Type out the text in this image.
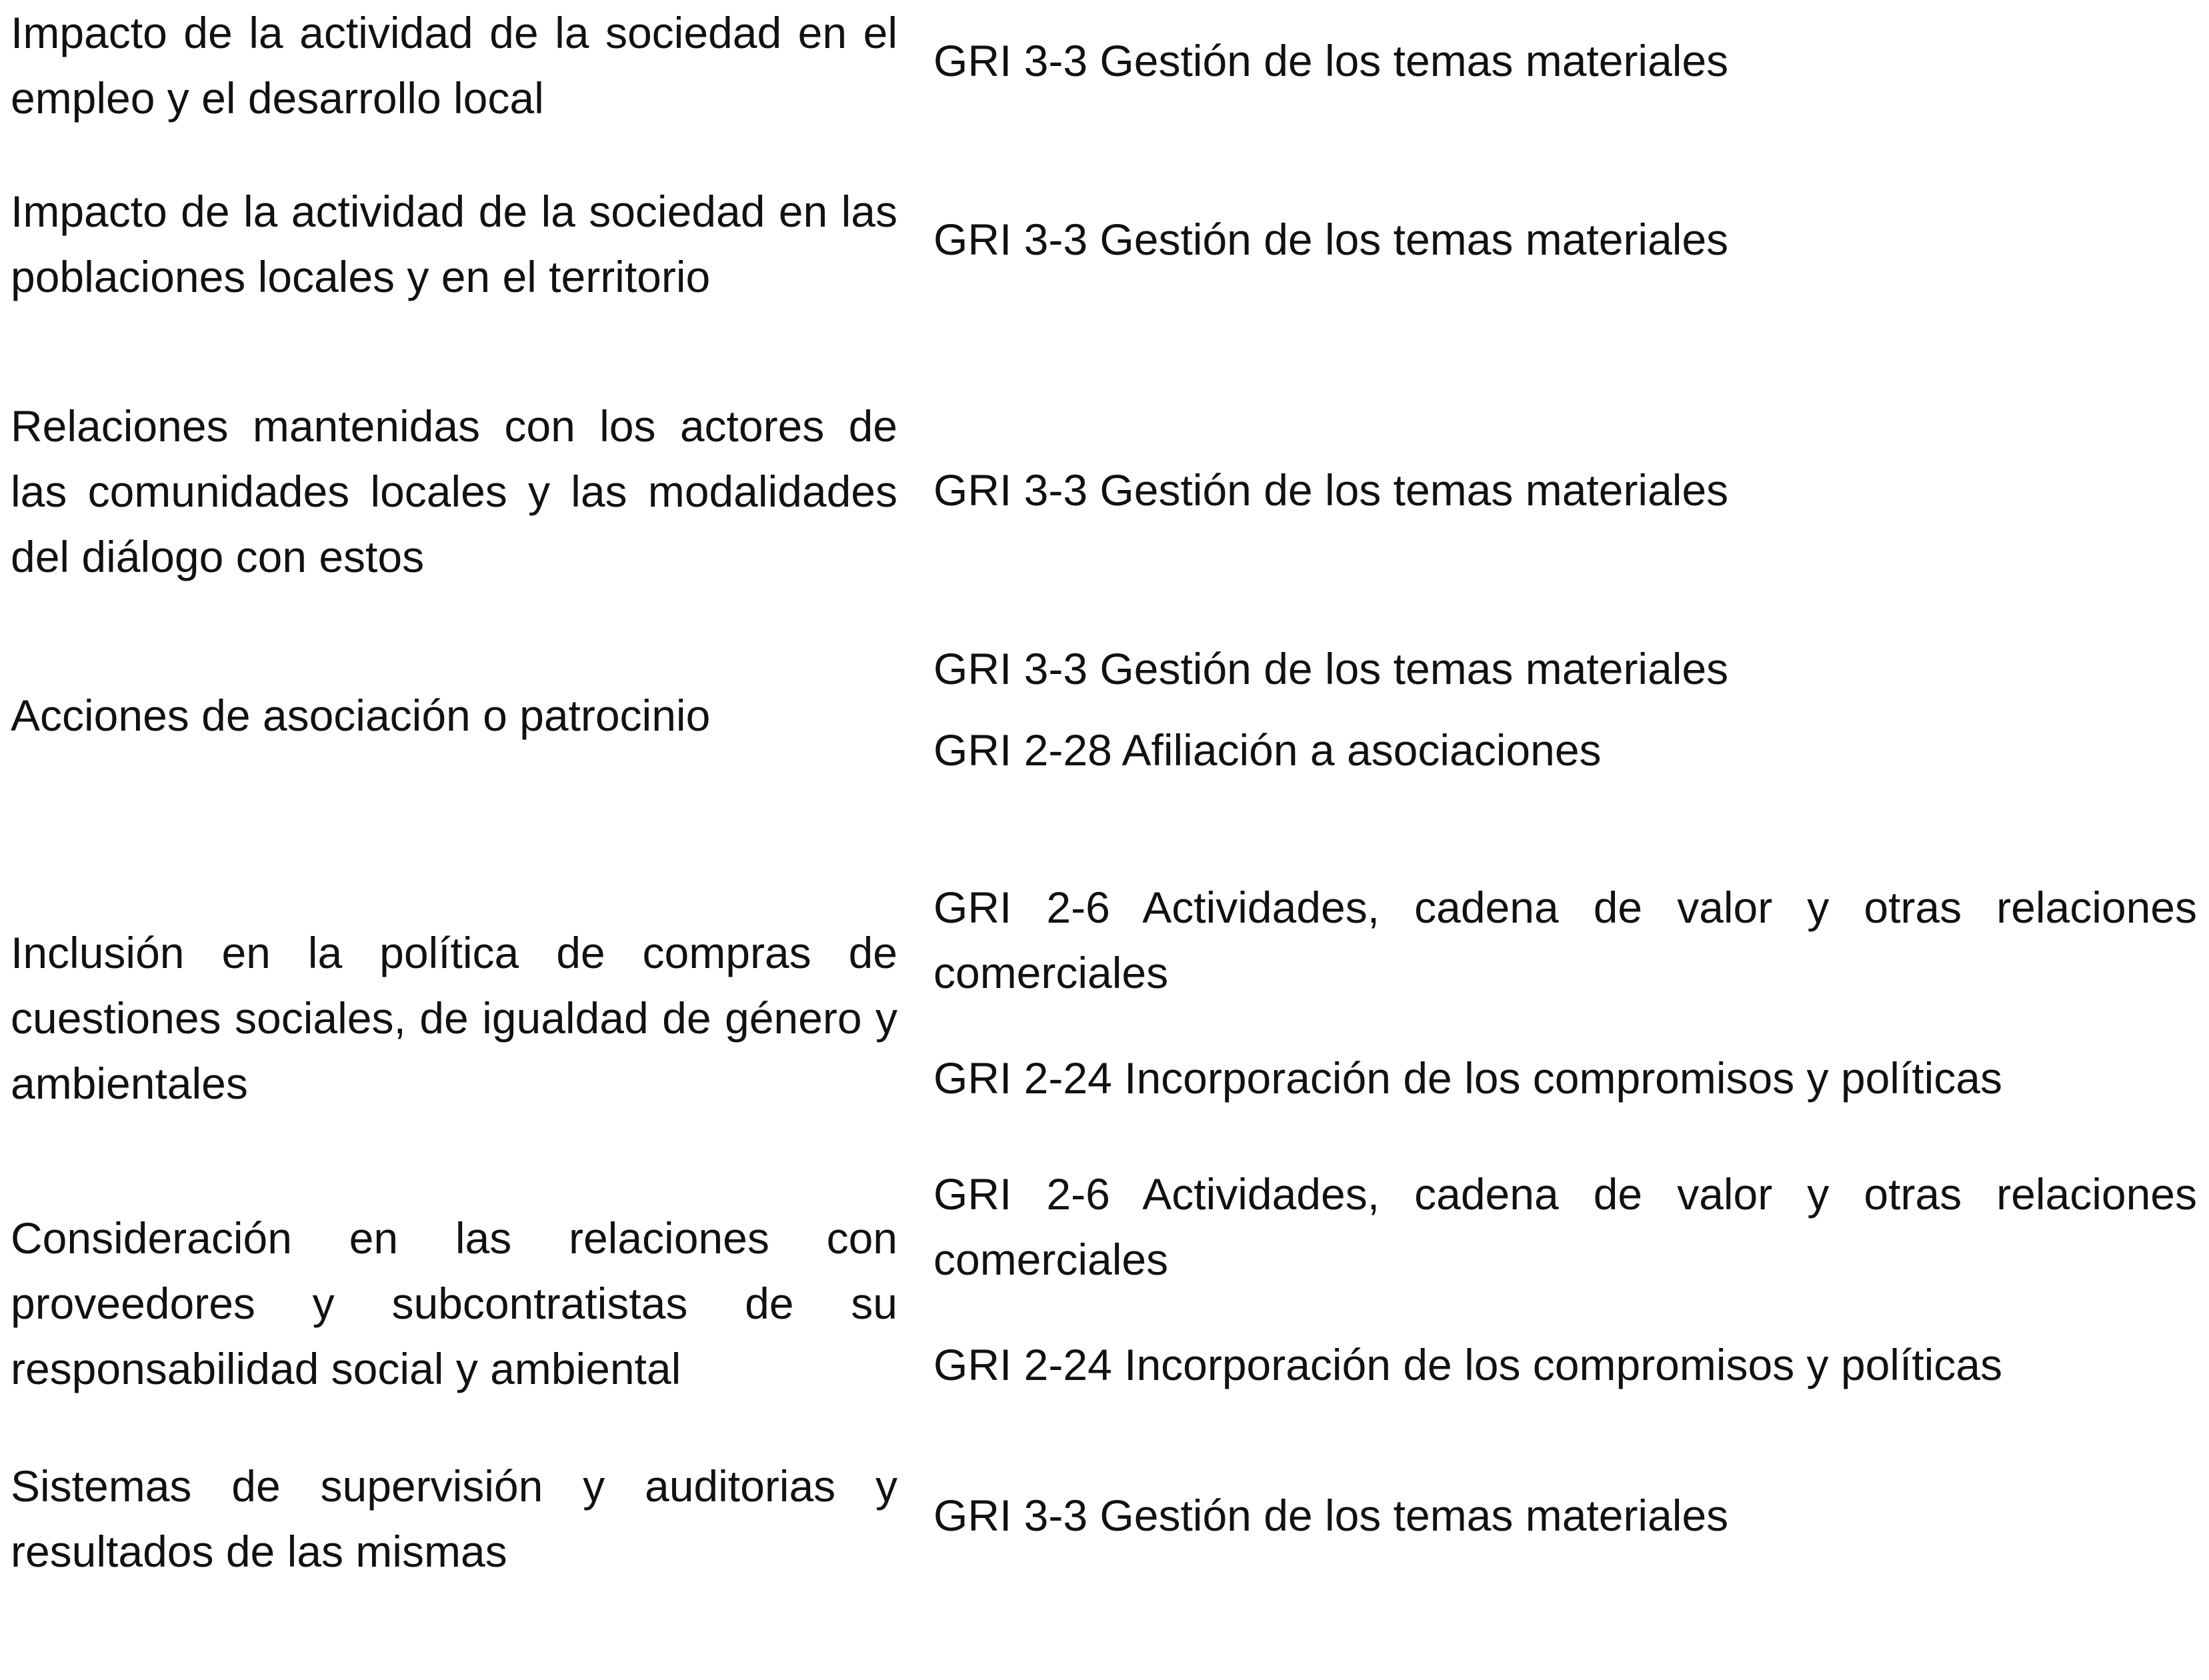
Impacto de la actividad de la sociedad en el empleo y el desarrollo local
GRI 3-3 Gestión de los temas materiales
Impacto de la actividad de la sociedad en las poblaciones locales y en el territorio
GRI 3-3 Gestión de los temas materiales
Relaciones mantenidas con los actores de las comunidades locales y las modalidades del diálogo con estos
GRI 3-3 Gestión de los temas materiales
Acciones de asociación o patrocinio
GRI 3-3 Gestión de los temas materiales
GRI 2-28 Afiliación a asociaciones
Inclusión en la política de compras de cuestiones sociales, de igualdad de género y ambientales
GRI 2-6 Actividades, cadena de valor y otras relaciones comerciales
GRI 2-24 Incorporación de los compromisos y políticas
Consideración en las relaciones con proveedores y subcontratistas de su responsabilidad social y ambiental
GRI 2-6 Actividades, cadena de valor y otras relaciones comerciales
GRI 2-24 Incorporación de los compromisos y políticas
Sistemas de supervisión y auditorias y resultados de las mismas
GRI 3-3 Gestión de los temas materiales
